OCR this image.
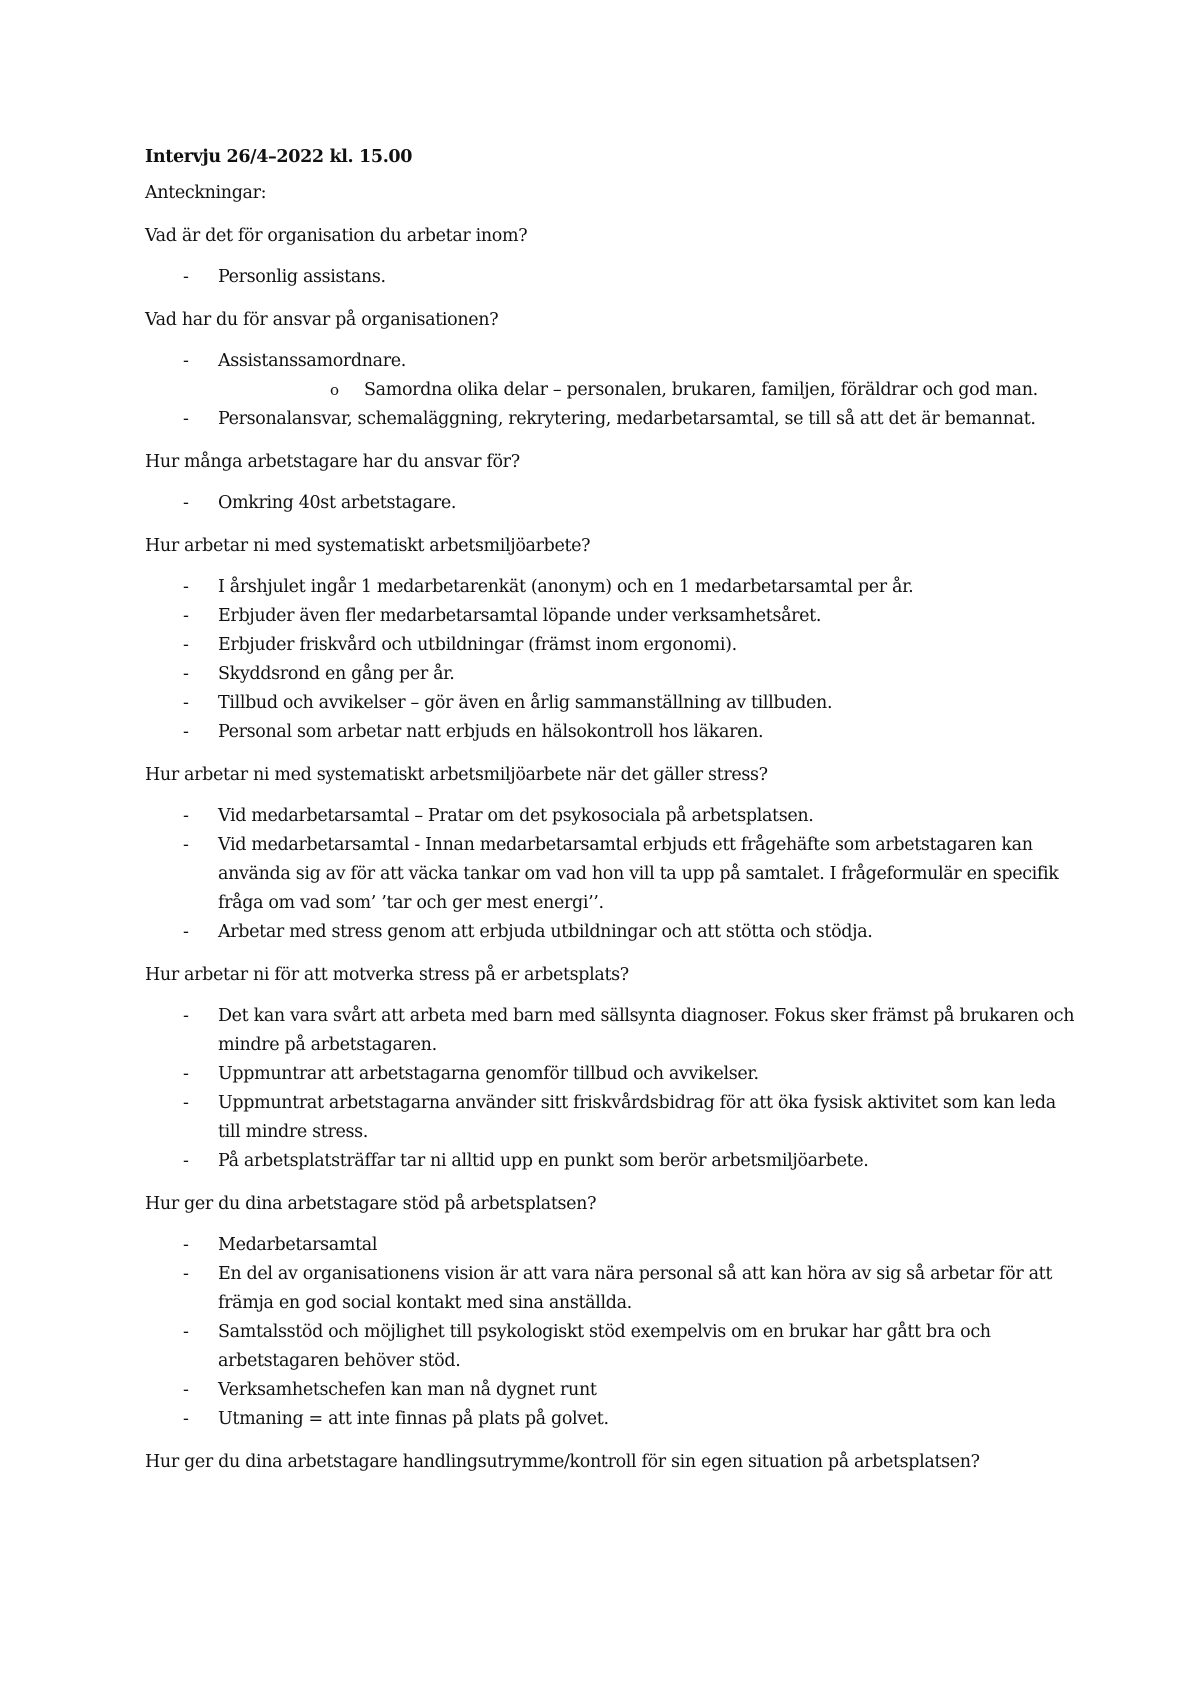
Intervju 26/4–2022 kl. 15.00
Anteckningar:
Vad är det för organisation du arbetar inom?
- Personlig assistans.
Vad har du för ansvar på organisationen?
- Assistanssamordnare.
o Samordna olika delar – personalen, brukaren, familjen, föräldrar och god man.
- Personalansvar, schemaläggning, rekrytering, medarbetarsamtal, se till så att det är bemannat.
Hur många arbetstagare har du ansvar för?
- Omkring 40st arbetstagare.
Hur arbetar ni med systematiskt arbetsmiljöarbete?
- I årshjulet ingår 1 medarbetarenkät (anonym) och en 1 medarbetarsamtal per år.
- Erbjuder även fler medarbetarsamtal löpande under verksamhetsåret.
- Erbjuder friskvård och utbildningar (främst inom ergonomi).
- Skyddsrond en gång per år.
- Tillbud och avvikelser – gör även en årlig sammanställning av tillbuden.
- Personal som arbetar natt erbjuds en hälsokontroll hos läkaren.
Hur arbetar ni med systematiskt arbetsmiljöarbete när det gäller stress?
- Vid medarbetarsamtal – Pratar om det psykosociala på arbetsplatsen.
- Vid medarbetarsamtal - Innan medarbetarsamtal erbjuds ett frågehäfte som arbetstagaren kan använda sig av för att väcka tankar om vad hon vill ta upp på samtalet. I frågeformulär en specifik fråga om vad som’ ’tar och ger mest energi’’.
- Arbetar med stress genom att erbjuda utbildningar och att stötta och stödja.
Hur arbetar ni för att motverka stress på er arbetsplats?
- Det kan vara svårt att arbeta med barn med sällsynta diagnoser. Fokus sker främst på brukaren och mindre på arbetstagaren.
- Uppmuntrar att arbetstagarna genomför tillbud och avvikelser.
- Uppmuntrat arbetstagarna använder sitt friskvårdsbidrag för att öka fysisk aktivitet som kan leda till mindre stress.
- På arbetsplatsträffar tar ni alltid upp en punkt som berör arbetsmiljöarbete.
Hur ger du dina arbetstagare stöd på arbetsplatsen?
- Medarbetarsamtal
- En del av organisationens vision är att vara nära personal så att kan höra av sig så arbetar för att främja en god social kontakt med sina anställda.
- Samtalsstöd och möjlighet till psykologiskt stöd exempelvis om en brukar har gått bra och arbetstagaren behöver stöd.
- Verksamhetschefen kan man nå dygnet runt
- Utmaning = att inte finnas på plats på golvet.
Hur ger du dina arbetstagare handlingsutrymme/kontroll för sin egen situation på arbetsplatsen?
